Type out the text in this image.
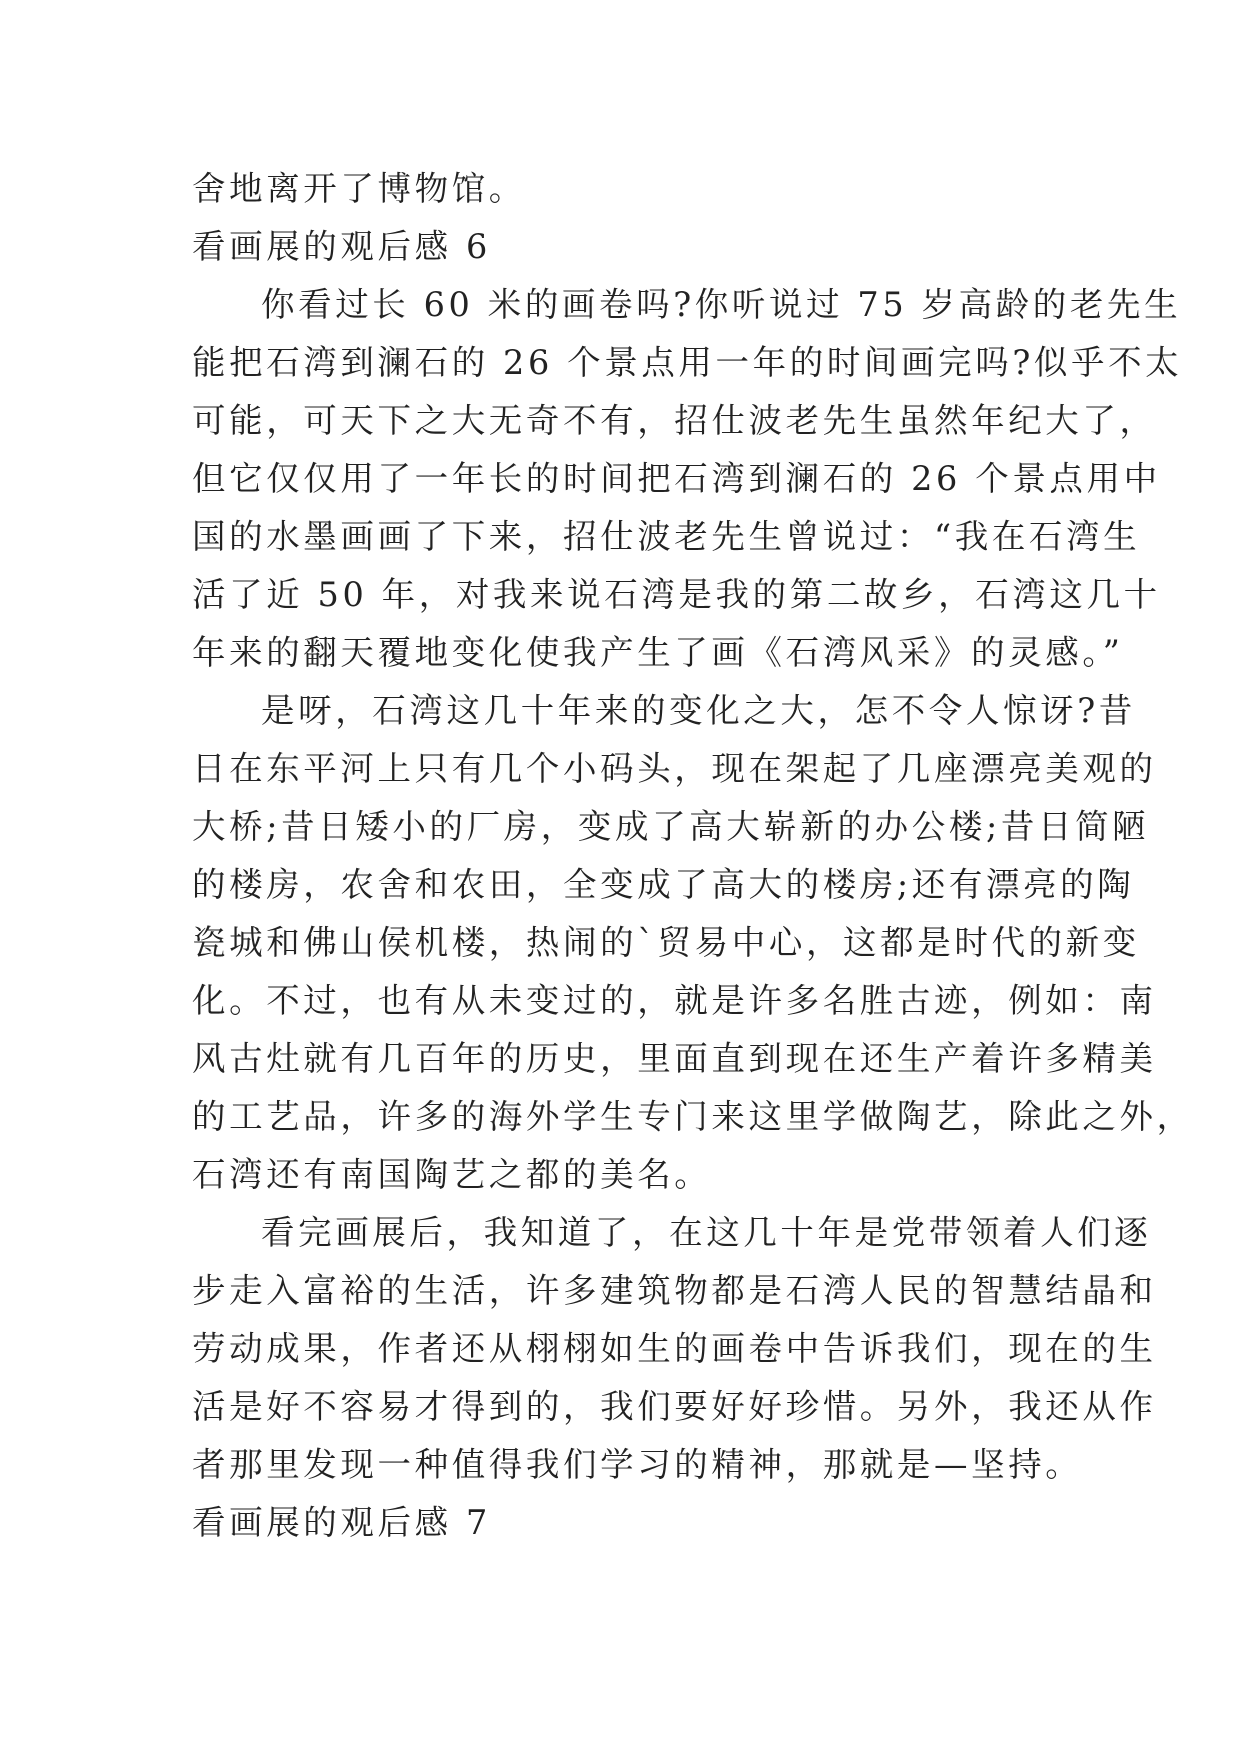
舍地离开了博物馆。
看画展的观后感 6
你看过长 60 米的画卷吗?你听说过 75 岁高龄的老先生
能把石湾到澜石的 26 个景点用一年的时间画完吗?似乎不太
可能，可天下之大无奇不有，招仕波老先生虽然年纪大了，
但它仅仅用了一年长的时间把石湾到澜石的 26 个景点用中
国的水墨画画了下来，招仕波老先生曾说过：“我在石湾生
活了近 50 年，对我来说石湾是我的第二故乡，石湾这几十
年来的翻天覆地变化使我产生了画《石湾风采》的灵感。”
是呀，石湾这几十年来的变化之大，怎不令人惊讶?昔
日在东平河上只有几个小码头，现在架起了几座漂亮美观的
大桥;昔日矮小的厂房，变成了高大崭新的办公楼;昔日简陋
的楼房，农舍和农田，全变成了高大的楼房;还有漂亮的陶
瓷城和佛山侯机楼，热闹的`贸易中心，这都是时代的新变
化。不过，也有从未变过的，就是许多名胜古迹，例如：南
风古灶就有几百年的历史，里面直到现在还生产着许多精美
的工艺品，许多的海外学生专门来这里学做陶艺，除此之外，
石湾还有南国陶艺之都的美名。
看完画展后，我知道了，在这几十年是党带领着人们逐
步走入富裕的生活，许多建筑物都是石湾人民的智慧结晶和
劳动成果，作者还从栩栩如生的画卷中告诉我们，现在的生
活是好不容易才得到的，我们要好好珍惜。另外，我还从作
者那里发现一种值得我们学习的精神，那就是—坚持。
看画展的观后感 7
